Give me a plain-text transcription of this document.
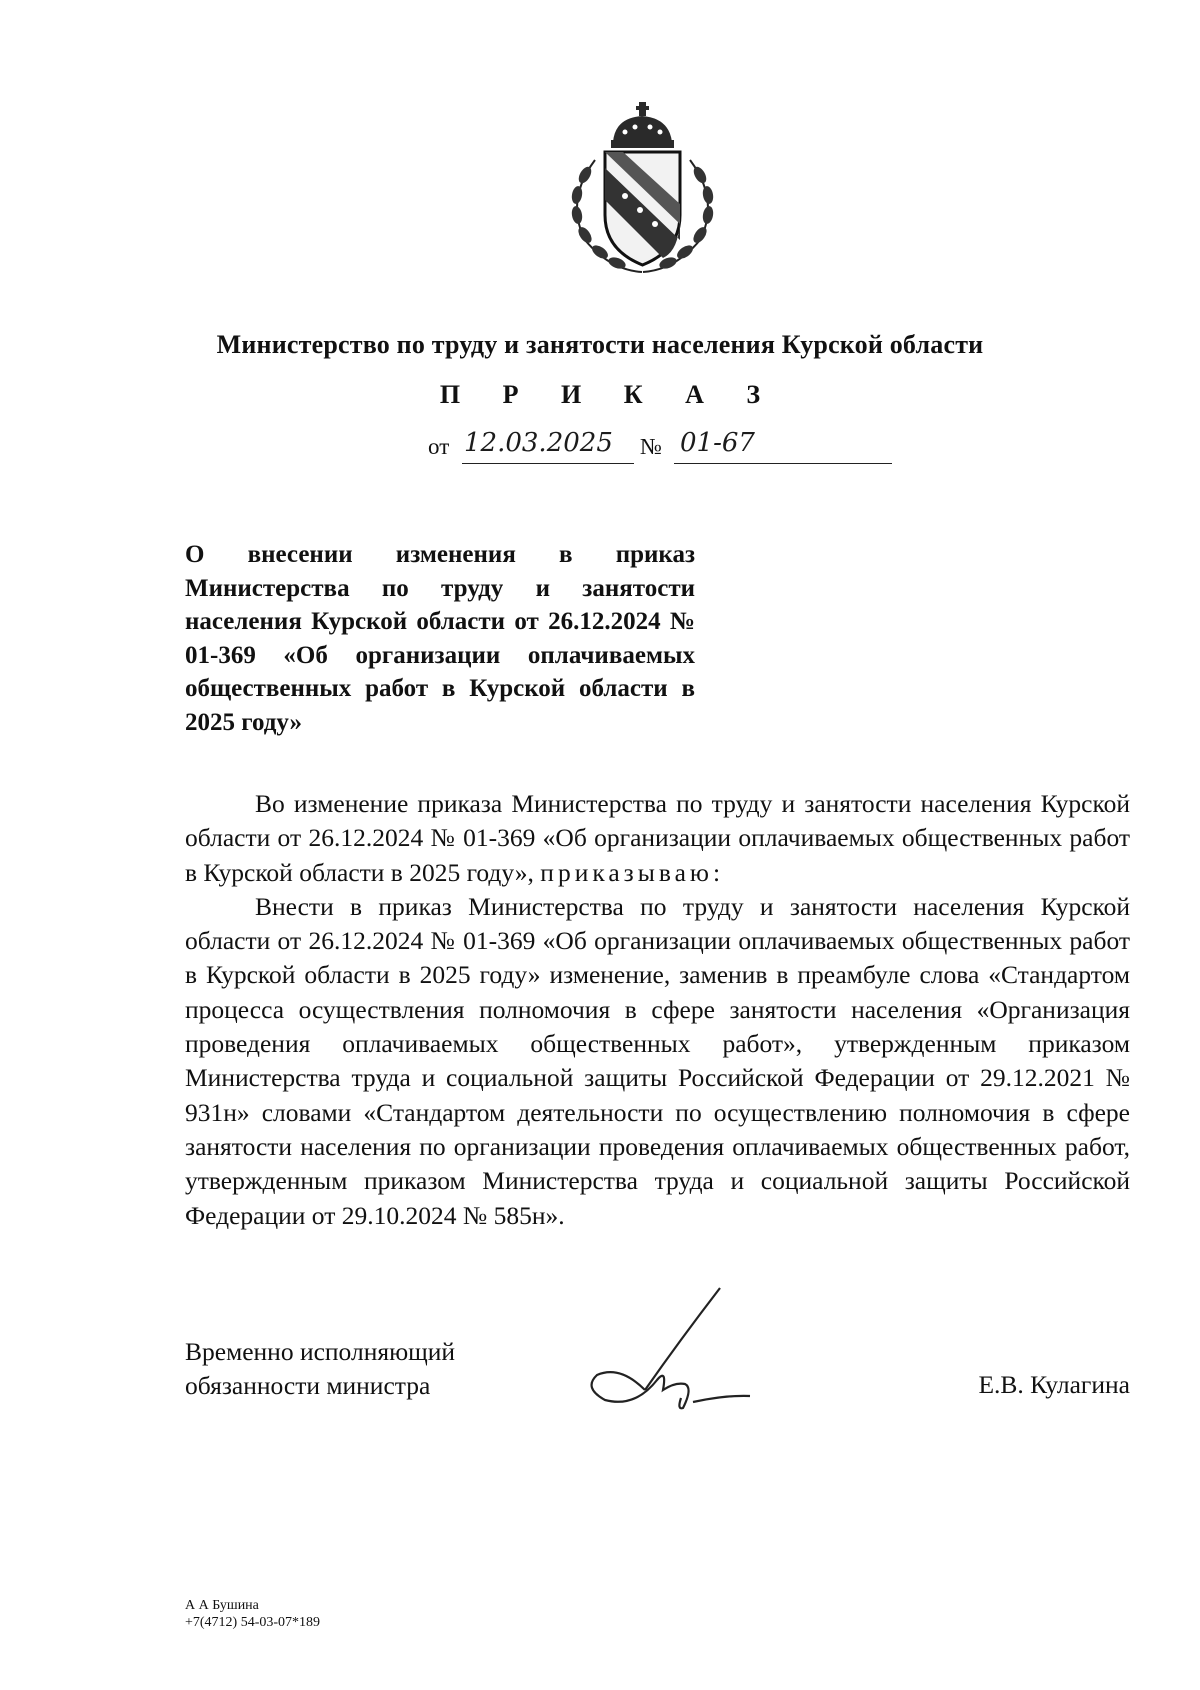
Министерство по труду и занятости населения Курской области
П Р И К А З
от 12.03.2025 № 01-67
О внесении изменения в приказ Министерства по труду и занятости населения Курской области от 26.12.2024 № 01-369 «Об организации оплачиваемых общественных работ в Курской области в 2025 году»

Во изменение приказа Министерства по труду и занятости населения Курской области от 26.12.2024 № 01-369 «Об организации оплачиваемых общественных работ в Курской области в 2025 году», приказываю:

Внести в приказ Министерства по труду и занятости населения Курской области от 26.12.2024 № 01-369 «Об организации оплачиваемых общественных работ в Курской области в 2025 году» изменение, заменив в преамбуле слова «Стандартом процесса осуществления полномочия в сфере занятости населения «Организация проведения оплачиваемых общественных работ», утвержденным приказом Министерства труда и социальной защиты Российской Федерации от 29.12.2021 № 931н» словами «Стандартом деятельности по осуществлению полномочия в сфере занятости населения по организации проведения оплачиваемых общественных работ, утвержденным приказом Министерства труда и социальной защиты Российской Федерации от 29.10.2024 № 585н».

Временно исполняющий
обязанности министра	Е.В. Кулагина
А А Бушина
+7(4712) 54-03-07*189
